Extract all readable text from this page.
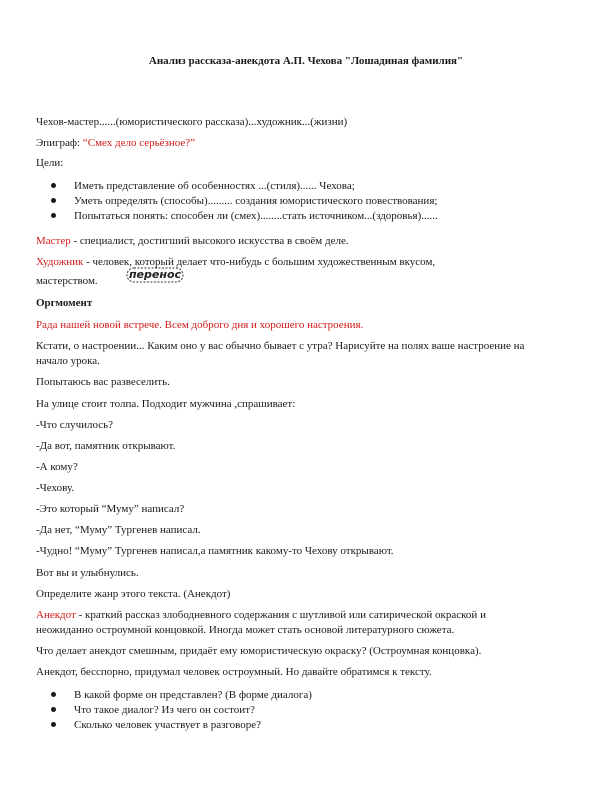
Анализ рассказа-анекдота А.П. Чехова "Лошадиная фамилия"
Чехов-мастер......(юмористического рассказа)...художник...(жизни)
Эпиграф: “Смех дело серьёзное?”
Цели:
Иметь представление об особенностях ...(стиля)...... Чехова;
Уметь определять (способы)......... создания юмористического повествования;
Попытаться понять: способен ли (смех)........стать источником...(здоровья)......
Мастер - специалист, достигший высокого искусства в своём деле.
Художник - человек, который делает что-нибудь с большим художественным вкусом,
мастерством.	перенос
Оргмомент
Рада нашей новой встрече. Всем доброго дня и хорошего настроения.
Кстати, о настроении... Каким оно у вас обычно бывает с утра? Нарисуйте на полях ваше настроение на
начало урока.
Попытаюсь вас развеселить.
На улице стоит толпа. Подходит мужчина ,спрашивает:
-Что случилось?
-Да вот, памятник открывают.
-А кому?
-Чехову.
-Это который “Муму” написал?
-Да нет, “Муму” Тургенев написал.
-Чудно! “Муму” Тургенев написал,а памятник какому-то Чехову открывают.
Вот вы и улыбнулись.
Определите жанр этого текста. (Анекдот)
Анекдот - краткий рассказ злободневного содержания с шутливой или сатирической окраской и
неожиданно остроумной концовкой. Иногда может стать основой литературного сюжета.
Что делает анекдот смешным, придаёт ему юмористическую окраску? (Остроумная концовка).
Анекдот, бесспорно, придумал человек остроумный. Но давайте обратимся к тексту.
В какой форме он представлен? (В форме диалога)
Что такое диалог? Из чего он состоит?
Сколько человек участвует в разговоре?
